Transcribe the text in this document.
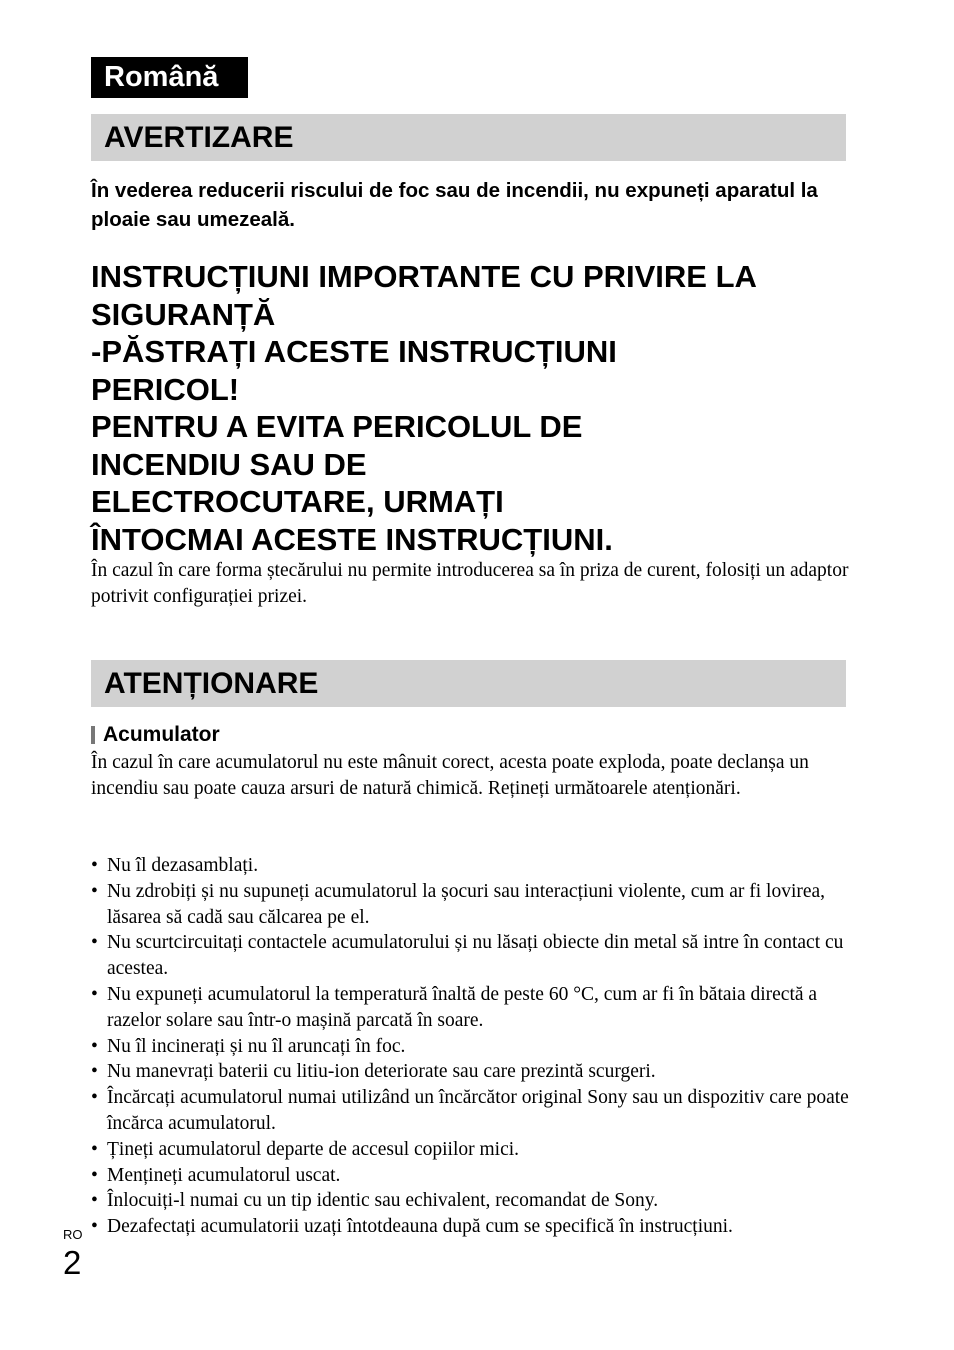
Română
AVERTIZARE

În vederea reducerii riscului de foc sau de incendii, nu expuneți aparatul la ploaie sau umezeală.

INSTRUCȚIUNI IMPORTANTE CU PRIVIRE LA
SIGURANȚĂ
-PĂSTRAȚI ACESTE INSTRUCȚIUNI
PERICOL!
PENTRU A EVITA PERICOLUL DE
INCENDIU SAU DE
ELECTROCUTARE, URMAȚI
ÎNTOCMAI ACESTE INSTRUCȚIUNI.

În cazul în care forma ștecărului nu permite introducerea sa în priza de curent, folosiți un adaptor potrivit configurației prizei.

ATENȚIONARE
Acumulator

În cazul în care acumulatorul nu este mânuit corect, acesta poate exploda, poate declanșa un incendiu sau poate cauza arsuri de natură chimică. Rețineți următoarele atenționări.

• Nu îl dezasamblați.
• Nu zdrobiți și nu supuneți acumulatorul la șocuri sau interacțiuni violente, cum ar fi lovirea, lăsarea să cadă sau călcarea pe el.
• Nu scurtcircuitați contactele acumulatorului și nu lăsați obiecte din metal să intre în contact cu acestea.
• Nu expuneți acumulatorul la temperatură înaltă de peste 60 °C, cum ar fi în bătaia directă a razelor solare sau într-o mașină parcată în soare.
• Nu îl incinerați și nu îl aruncați în foc.
• Nu manevrați baterii cu litiu-ion deteriorate sau care prezintă scurgeri.
• Încărcați acumulatorul numai utilizând un încărcător original Sony sau un dispozitiv care poate încărca acumulatorul.
• Țineți acumulatorul departe de accesul copiilor mici.
• Mențineți acumulatorul uscat.
• Înlocuiți-l numai cu un tip identic sau echivalent, recomandat de Sony.
• Dezafectați acumulatorii uzați întotdeauna după cum se specifică în instrucțiuni.
RO
2
